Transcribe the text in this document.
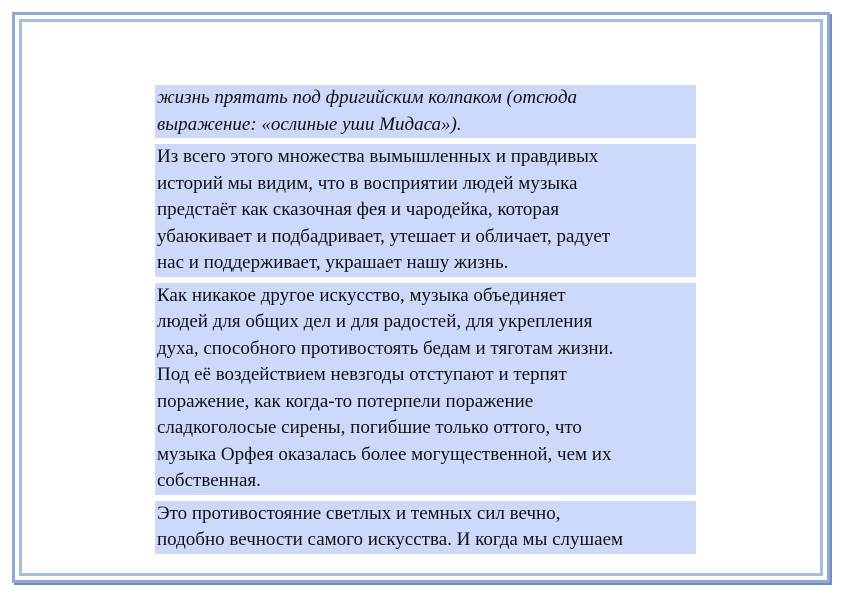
жизнь прятать под фригийским колпаком (отсюда
выражение: «ослиные уши Мидаса»).

Из всего этого множества вымышленных и правдивых
историй мы видим, что в восприятии людей музыка
предстаёт как сказочная фея и чародейка, которая
убаюкивает и подбадривает, утешает и обличает, радует
нас и поддерживает, украшает нашу жизнь.

Как никакое другое искусство, музыка объединяет
людей для общих дел и для радостей, для укрепления
духа, способного противостоять бедам и тяготам жизни.
Под её воздействием невзгоды отступают и терпят
поражение, как когда-то потерпели поражение
сладкоголосые сирены, погибшие только оттого, что
музыка Орфея оказалась более могущественной, чем их
собственная.

Это противостояние светлых и темных сил вечно,
подобно вечности самого искусства. И когда мы слушаем
